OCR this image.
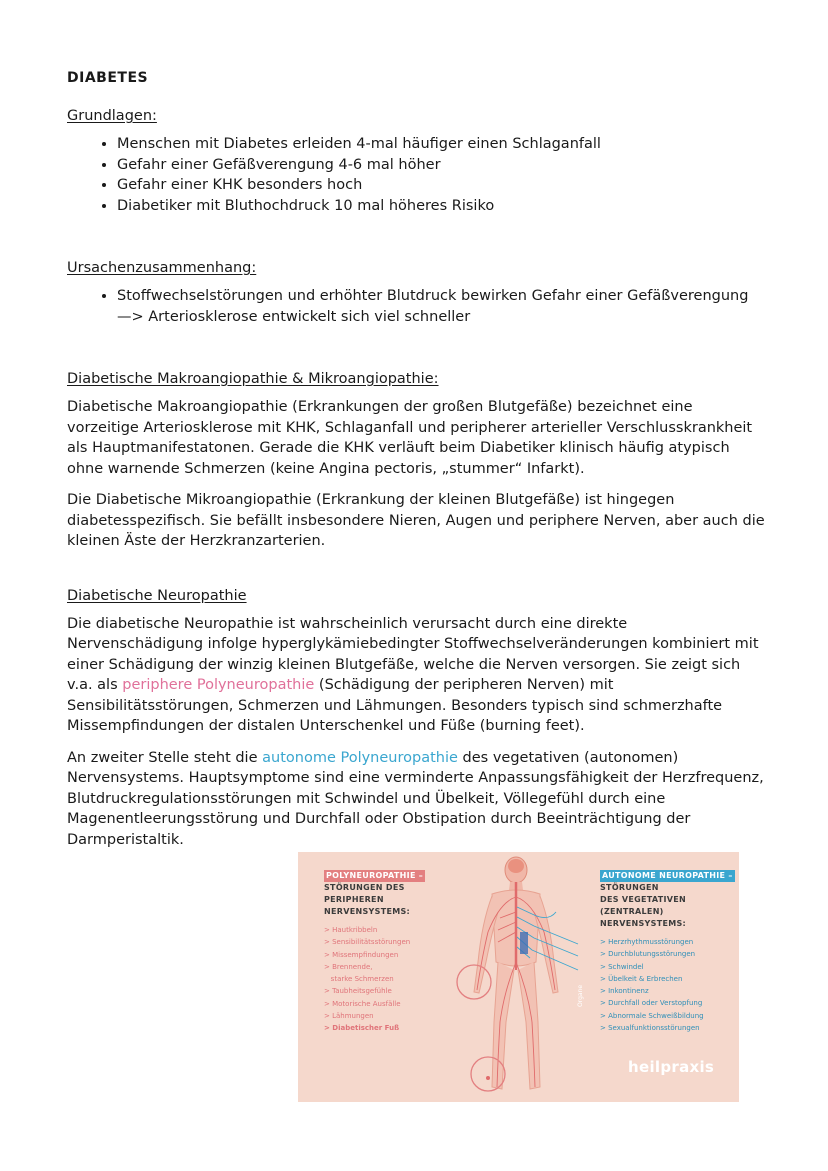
DIABETES
Grundlagen:
• Menschen mit Diabetes erleiden 4-mal häufiger einen Schlaganfall
• Gefahr einer Gefäßverengung 4-6 mal höher
• Gefahr einer KHK besonders hoch
• Diabetiker mit Bluthochdruck 10 mal höheres Risiko
Ursachenzusammenhang:
• Stoffwechselstörungen und erhöhter Blutdruck bewirken Gefahr einer Gefäßverengung
—> Arteriosklerose entwickelt sich viel schneller
Diabetische Makroangiopathie & Mikroangiopathie:

Diabetische Makroangiopathie (Erkrankungen der großen Blutgefäße) bezeichnet eine vorzeitige Arteriosklerose mit KHK, Schlaganfall und peripherer arterieller Verschlusskrankheit als Hauptmanifestatonen. Gerade die KHK verläuft beim Diabetiker klinisch häufig atypisch ohne warnende Schmerzen (keine Angina pectoris, „stummer“ Infarkt).

Die Diabetische Mikroangiopathie (Erkrankung der kleinen Blutgefäße) ist hingegen diabetesspezifisch. Sie befällt insbesondere Nieren, Augen und periphere Nerven, aber auch die kleinen Äste der Herzkranzarterien.

Diabetische Neuropathie

Die diabetische Neuropathie ist wahrscheinlich verursacht durch eine direkte Nervenschädigung infolge hyperglykämiebedingter Stoffwechselveränderungen kombiniert mit einer Schädigung der winzig kleinen Blutgefäße, welche die Nerven versorgen. Sie zeigt sich v.a. als periphere Polyneuropathie (Schädigung der peripheren Nerven) mit Sensibilitätsstörungen, Schmerzen und Lähmungen. Besonders typisch sind schmerzhafte Missempfindungen der distalen Unterschenkel und Füße (burning feet).

An zweiter Stelle steht die autonome Polyneuropathie des vegetativen (autonomen) Nervensystems. Hauptsymptome sind eine verminderte Anpassungsfähigkeit der Herzfrequenz, Blutdruckregulationsstörungen mit Schwindel und Übelkeit, Völlegefühl durch eine Magenentleerungsstörung und Durchfall oder Obstipation durch Beeinträchtigung der Darmperistaltik.

POLYNEUROPATHIE –
STÖRUNGEN DES
PERIPHEREN
NERVENSYSTEMS:
> Hautkribbeln
> Sensibilitätsstörungen
> Missempfindungen
> Brennende,
starke Schmerzen
> Taubheitsgefühle
> Motorische Ausfälle
> Lähmungen
> Diabetischer Fuß
Organe
AUTONOME NEUROPATHIE –
STÖRUNGEN
DES VEGETATIVEN
(ZENTRALEN)
NERVENSYSTEMS:
> Herzrhythmusstörungen
> Durchblutungsstörungen
> Schwindel
> Übelkeit & Erbrechen
> Inkontinenz
> Durchfall oder Verstopfung
> Abnormale Schweißbildung
> Sexualfunktionsstörungen
heilpraxis
